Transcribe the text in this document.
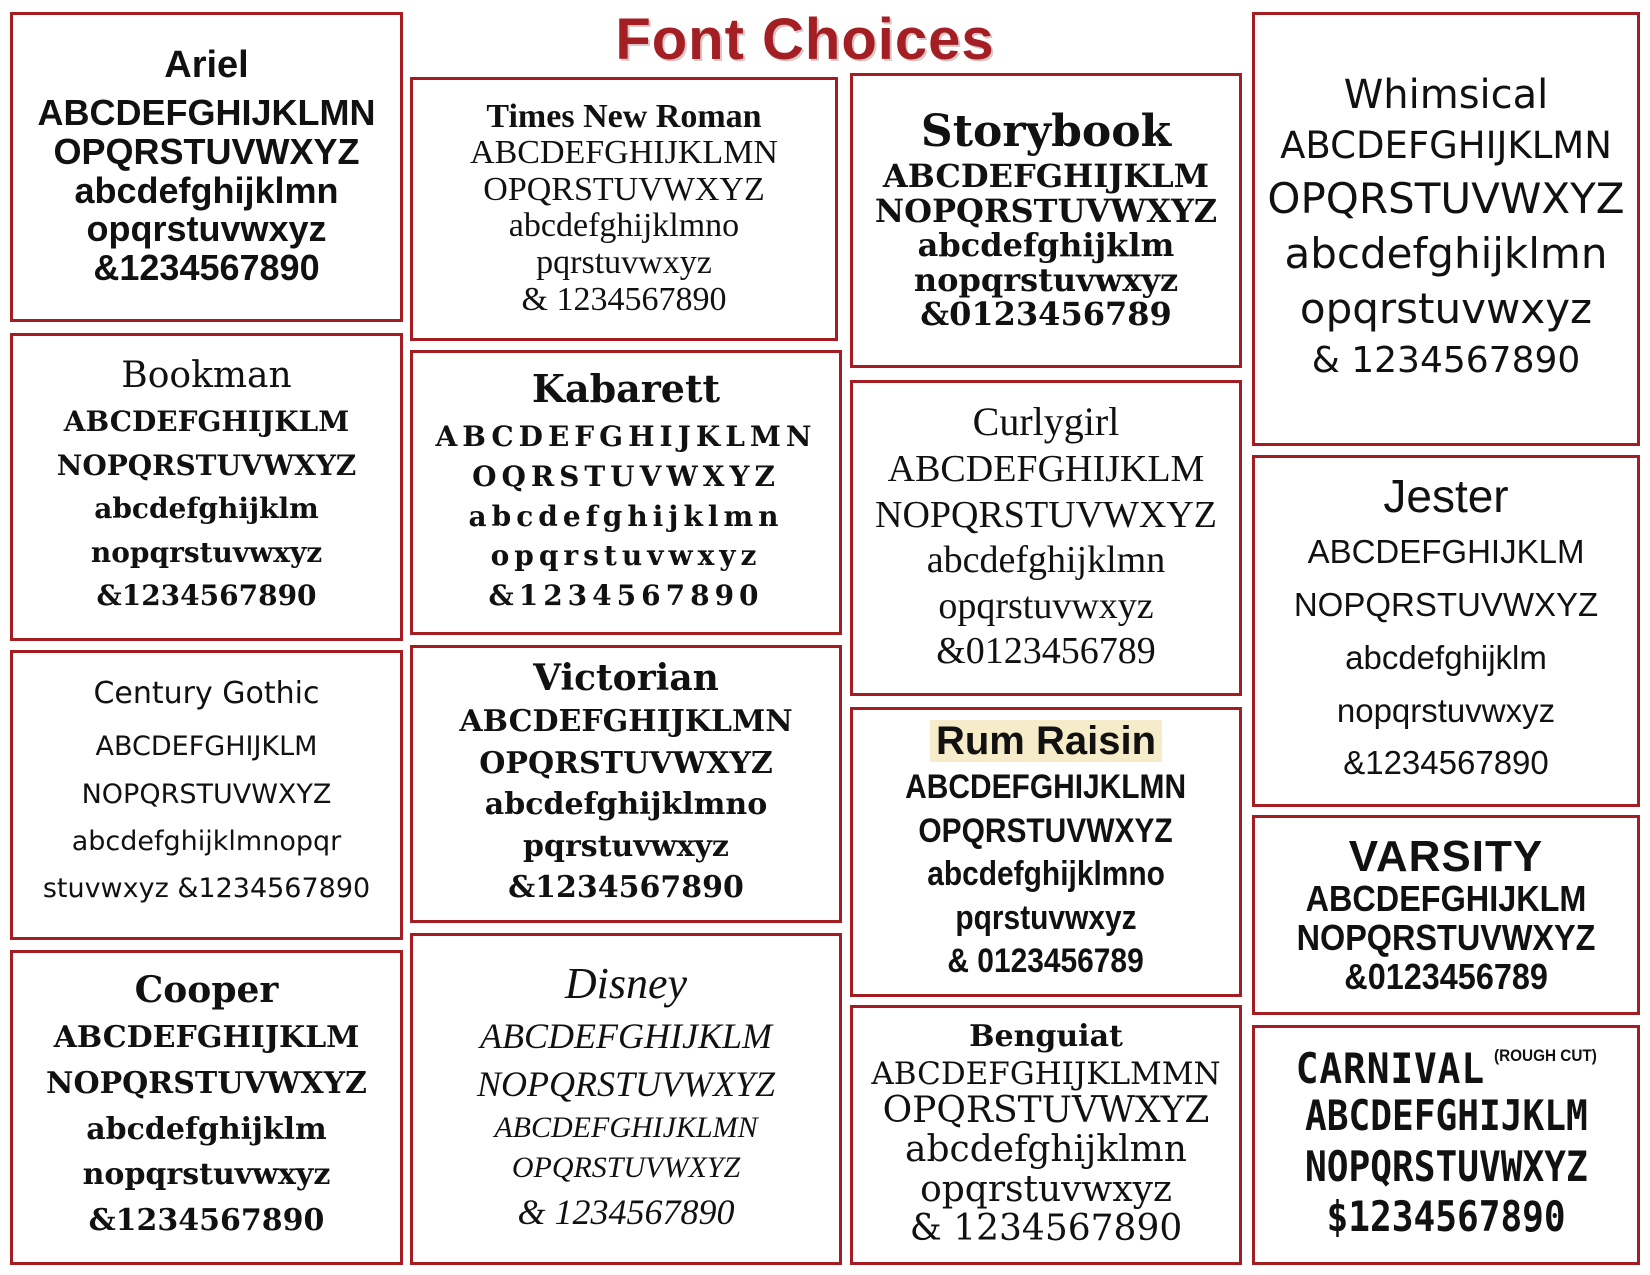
Font Choices
Ariel
ABCDEFGHIJKLMN
OPQRSTUVWXYZ
abcdefghijklmn
opqrstuvwxyz
&1234567890
Times New Roman
ABCDEFGHIJKLMN
OPQRSTUVWXYZ
abcdefghijklmno
pqrstuvwxyz
& 1234567890
Storybook
ABCDEFGHIJKLM
NOPQRSTUVWXYZ
abcdefghijklm
nopqrstuvwxyz
&0123456789
Whimsical
ABCDEFGHIJKLMN
OPQRSTUVWXYZ
abcdefghijklmn
opqrstuvwxyz
& 1234567890
Bookman
ABCDEFGHIJKLM
NOPQRSTUVWXYZ
abcdefghijklm
nopqrstuvwxyz
&1234567890
Kabarett
ABCDEFGHIJKLMN
OQRSTUVWXYZ
abcdefghijklmn
opqrstuvwxyz
&1234567890
Curlygirl
ABCDEFGHIJKLM
NOPQRSTUVWXYZ
abcdefghijklmn
opqrstuvwxyz
&0123456789
Jester
ABCDEFGHIJKLM
NOPQRSTUVWXYZ
abcdefghijklm
nopqrstuvwxyz
&1234567890
Century Gothic
ABCDEFGHIJKLM
NOPQRSTUVWXYZ
abcdefghijklmnopqr
stuvwxyz &1234567890
Victorian
ABCDEFGHIJKLMN
OPQRSTUVWXYZ
abcdefghijklmno
pqrstuvwxyz
&1234567890
Rum Raisin
ABCDEFGHIJKLMN
OPQRSTUVWXYZ
abcdefghijklmno
pqrstuvwxyz
& 0123456789
VARSITY
ABCDEFGHIJKLM
NOPQRSTUVWXYZ
&0123456789
Cooper
ABCDEFGHIJKLM
NOPQRSTUVWXYZ
abcdefghijklm
nopqrstuvwxyz
&1234567890
Disney
ABCDEFGHIJKLM
NOPQRSTUVWXYZ
ABCDEFGHIJKLMN
OPQRSTUVWXYZ
& 1234567890
Benguiat
ABCDEFGHIJKLMMN
OPQRSTUVWXYZ
abcdefghijklmn
opqrstuvwxyz
& 1234567890
CARNIVAL $^{(ROUGH CUT)}$
ABCDEFGHIJKLM
NOPQRSTUVWXYZ
$1234567890
